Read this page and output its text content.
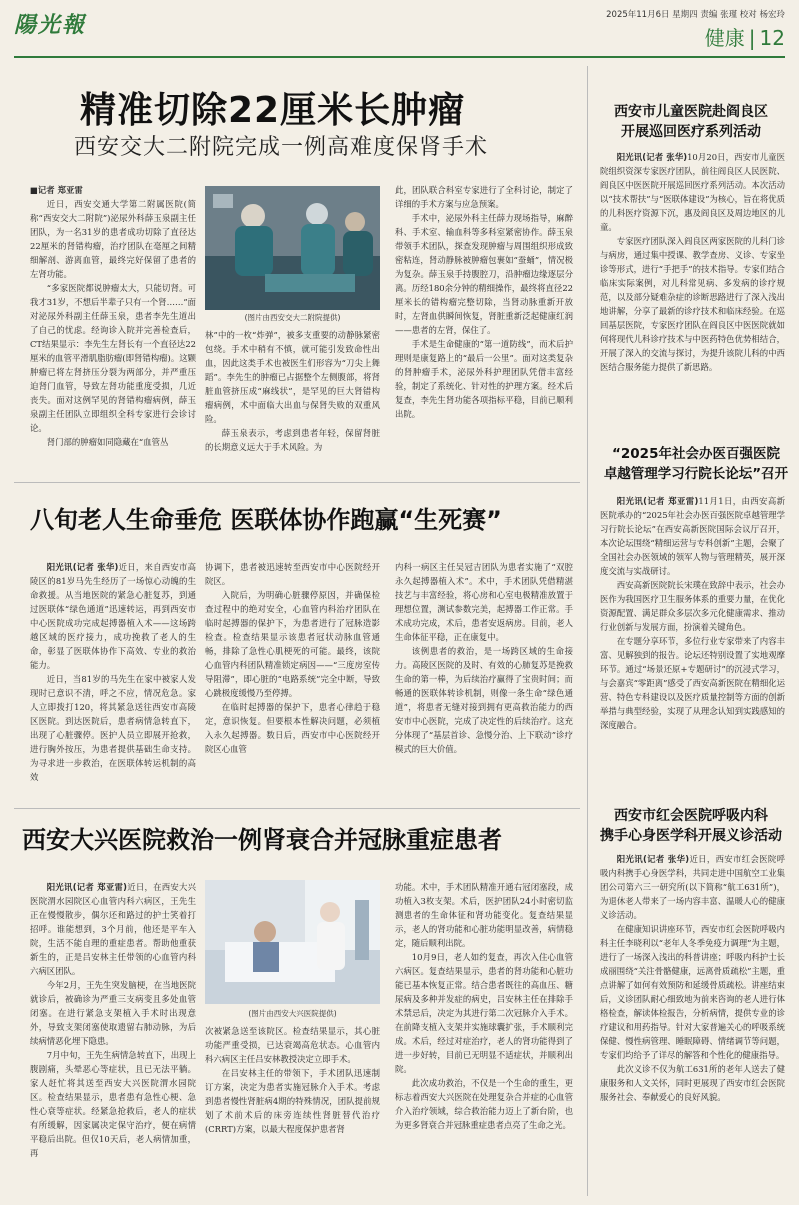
陽光報	2025年11月6日 星期四 责编 张瑾 校对 杨宏玲
健康 | 12
精准切除22厘米长肿瘤
西安交大二附院完成一例高难度保肾手术

■记者 郑亚雷

近日，西安交通大学第二附属医院(简称“西安交大二附院”)泌尿外科薛玉泉副主任团队，为一名31岁的患者成功切除了直径达22厘米的肾错构瘤，治疗团队在毫厘之间精细解剖、游离血管，最终完好保留了患者的左肾功能。

“多家医院都说肿瘤太大，只能切肾。可我才31岁，不想后半辈子只有一个肾……”面对泌尿外科副主任薛玉泉，患者李先生道出了自己的忧虑。经询诊入院并完善检查后，CT结果显示：李先生左肾长有一个直径达22厘米的血管平滑肌脂肪瘤(即肾错构瘤)。这颗肿瘤已将左肾挤压分裂为两部分，并严重压迫肾门血管，导致左肾功能重度受损，几近丧失。面对这例罕见的肾错构瘤病例，薛玉泉副主任团队立即组织全科专家进行会诊讨论。

肾门部的肿瘤如同隐藏在“血管丛

(图片由西安交大二附院提供)

林”中的一枚“炸弹”，被多支重要的动静脉紧密包绕。手术中稍有不慎，就可能引发致命性出血，因此这类手术也被医生们形容为“刀尖上舞蹈”。李先生的肿瘤已占据整个左侧腹部，将肾脏血管挤压成“麻线状”，是罕见的巨大肾错构瘤病例，术中面临大出血与保肾失败的双重风险。

薛玉泉表示，考虑到患者年轻，保留肾脏的长期意义远大于手术风险。为

此，团队联合科室专家进行了全科讨论，制定了详细的手术方案与应急预案。

手术中，泌尿外科主任薛力现场指导，麻醉科、手术室、输血科等多科室紧密协作。薛玉泉带领手术团队，探查发现肿瘤与周围组织形成致密粘连，肾动静脉被肿瘤包裹如“蚕蛹”，情况极为复杂。薛玉泉手持腹腔刀，沿肿瘤边缘逐层分离。历经180余分钟的精细操作，最终将直径22厘米长的错构瘤完整切除，当肾动脉重新开放时，左肾血供瞬间恢复，肾脏重新泛起健康红润——患者的左肾，保住了。

手术是生命健康的“第一道防线”，而术后护理则是康复路上的“最后一公里”。面对这类复杂的肾肿瘤手术，泌尿外科护理团队凭借丰富经验，制定了系统化、针对性的护理方案。经术后复查，李先生肾功能各项指标平稳，目前已顺利出院。

八旬老人生命垂危 医联体协作跑赢“生死赛”

阳光讯(记者 张华)近日，来自西安市高陵区的81岁马先生经历了一场惊心动魄的生命救援。从当地医院的紧急心脏复苏，到通过医联体“绿色通道”迅速转运，再到西安市中心医院成功完成起搏器植入术——这场跨越区域的医疗接力，成功挽救了老人的生命，彰显了医联体协作下高效、专业的救治能力。

近日，当81岁的马先生在家中被家人发现时已意识不清，呼之不应，情况危急。家人立即拨打120，将其紧急送往西安市高陵区医院。到达医院后，患者病情急转直下，出现了心脏骤停。医护人员立即展开抢救，进行胸外按压，为患者提供基础生命支持。为寻求进一步救治，在医联体转运机制的高效

协调下，患者被迅速转至西安市中心医院经开院区。

入院后，为明确心脏骤停原因，并确保检查过程中的绝对安全，心血管内科治疗团队在临时起搏器的保护下，为患者进行了冠脉造影检查。检查结果显示该患者冠状动脉血管通畅，排除了急性心肌梗死的可能。最终，该院心血管内科团队精准锁定病因——“三度房室传导阻滞”，即心脏的“电路系统”完全中断，导致心跳极度缓慢乃至停搏。

在临时起搏器的保护下，患者心律趋于稳定，意识恢复。但要根本性解决问题，必须植入永久起搏器。数日后，西安市中心医院经开院区心血管

内科一病区主任吴冠吉团队为患者实施了“双腔永久起搏器植入术”。术中，手术团队凭借精湛技艺与丰富经验，将心房和心室电极精准放置于理想位置，测试参数完美，起搏器工作正常。手术成功完成，术后，患者安返病房。目前，老人生命体征平稳，正在康复中。

该例患者的救治，是一场跨区域的生命接力。高陵区医院的及时、有效的心肺复苏是挽救生命的第一棒，为后续治疗赢得了宝贵时间；而畅通的医联体转诊机制，则像一条生命“绿色通道”，将患者无缝对接到拥有更高救治能力的西安市中心医院，完成了决定性的后续治疗。这充分体现了“基层首诊、急慢分治、上下联动”诊疗模式的巨大价值。

西安大兴医院救治一例肾衰合并冠脉重症患者

阳光讯(记者 郑亚雷)近日，在西安大兴医院渭水园院区心血管内科六病区，王先生正在慢慢散步，偶尔还和路过的护士笑着打招呼。谁能想到，3个月前，他还是平车入院，生活不能自理的重症患者。帮助他重获新生的，正是吕安林主任带领的心血管内科六病区团队。

今年2月，王先生突发脑梗，在当地医院就诊后，被确诊为严重三支病变且多处血管闭塞。在进行紧急支架植入手术时出现意外，导致支架闭塞使取遗留右肺动脉，为后续病情恶化埋下隐患。

7月中旬，王先生病情急转直下，出现上腹剧痛，头晕恶心等症状，且已无法平躺。家人赶忙将其送至西安大兴医院渭水园院区。检查结果显示，患者患有急性心梗、急性心衰等症状。经紧急抢救后，老人的症状有所缓解，因家属决定保守治疗，便在病情平稳后出院。但仅10天后，老人病情加重，再

(图片由西安大兴医院提供)

次被紧急送至该院区。检查结果显示，其心脏功能严重受损，已达衰竭高危状态。心血管内科六病区主任吕安林教授决定立即手术。

在吕安林主任的带领下，手术团队迅速制订方案，决定为患者实施冠脉介入手术。考虑到患者慢性肾脏病4期的特殊情况，团队提前规划了术前术后的床旁连续性肾脏替代治疗(CRRT)方案，以最大程度保护患者肾

功能。术中，手术团队精准开通右冠闭塞段，成功植入3枚支架。术后，医护团队24小时密切监测患者的生命体征和肾功能变化。复查结果显示，老人的肾功能和心脏功能明显改善，病情稳定，随后顺利出院。

10月9日，老人如约复查，再次入住心血管六病区。复查结果显示，患者的肾功能和心脏功能已基本恢复正常。结合患者既往的高血压、糖尿病及多种并发症的病史，吕安林主任在排除手术禁忌后，决定为其进行第二次冠脉介入手术。在前降支植入支架并实施球囊扩张，手术顺利完成。术后，经过对症治疗，老人的肾功能得到了进一步好转，目前已无明显不适症状，并顺利出院。

此次成功救治，不仅是一个生命的重生，更标志着西安大兴医院在处理复杂合并症的心血管介入治疗领域，综合救治能力迈上了新台阶，也为更多肾衰合并冠脉重症患者点亮了生命之光。

西安市儿童医院赴阎良区
开展巡回医疗系列活动

阳光讯(记者 张华)10月20日，西安市儿童医院组织资深专家医疗团队，前往阎良区人民医院、阎良区中医医院开展巡回医疗系列活动。本次活动以“技术帮扶”与“医联体建设”为核心，旨在将优质的儿科医疗资源下沉，惠及阎良区及周边地区的儿童。

专家医疗团队深入阎良区两家医院的儿科门诊与病房，通过集中授课、教学查房、义诊、专家坐诊等形式，进行“手把手”的技术指导。专家们结合临床实际案例，对儿科常见病、多发病的诊疗规范，以及部分疑难杂症的诊断思路进行了深入浅出地讲解，分享了最新的诊疗技术和临床经验。在巡回基层医院，专家医疗团队在阎良区中医医院就如何将现代儿科诊疗技术与中医药特色优势相结合，开展了深入的交流与探讨，为提升该院儿科的中西医结合服务能力提供了新思路。

“2025年社会办医百强医院
卓越管理学习行院长论坛”召开

阳光讯(记者 郑亚雷)11月1日，由西安高新医院承办的“2025年社会办医百强医院卓越管理学习行院长论坛”在西安高新医院国际会议厅召开，本次论坛围绕“精细运营与专科创新”主题，会聚了全国社会办医领域的领军人物与管理精英，展开深度交流与实战研讨。

西安高新医院院长宋璞在致辞中表示，社会办医作为我国医疗卫生服务体系的重要力量，在优化资源配置、满足群众多层次多元化健康需求、推动行业创新与发展方面，扮演着关键角色。

在专题分享环节，多位行业专家带来了内容丰富、见解独到的报告。论坛还特别设置了实地观摩环节。通过“场景还原+专题研讨”的沉浸式学习，与会嘉宾“零距离”感受了西安高新医院在精细化运营、特色专科建设以及医疗质量控制等方面的创新举措与典型经验，实现了从理念认知到实践感知的深度融合。

西安市红会医院呼吸内科
携手心身医学科开展义诊活动

阳光讯(记者 张华)近日，西安市红会医院呼吸内科携手心身医学科，共同走进中国航空工业集团公司第六三一研究所(以下简称“航工631所”)，为退休老人带来了一场内容丰富、温暖人心的健康义诊活动。

在健康知识讲座环节，西安市红会医院呼吸内科主任李晓利以“老年人冬季免疫力调理”为主题，进行了一场深入浅出的科普讲座；呼吸内科护士长成丽围绕“关注骨骼健康，远离骨质疏松”主题，重点讲解了如何有效预防和延缓骨质疏松。讲座结束后，义诊团队耐心细致地为前来咨询的老人进行体格检查，解读体检报告，分析病情，提供专业的诊疗建议和用药指导。针对大家普遍关心的呼吸系统保健、慢性病管理、睡眠障碍、情绪调节等问题，专家们均给予了详尽的解答和个性化的健康指导。

此次义诊不仅为航工631所的老年人送去了健康服务和人文关怀，同时更展现了西安市红会医院服务社会、奉献爱心的良好风貌。
